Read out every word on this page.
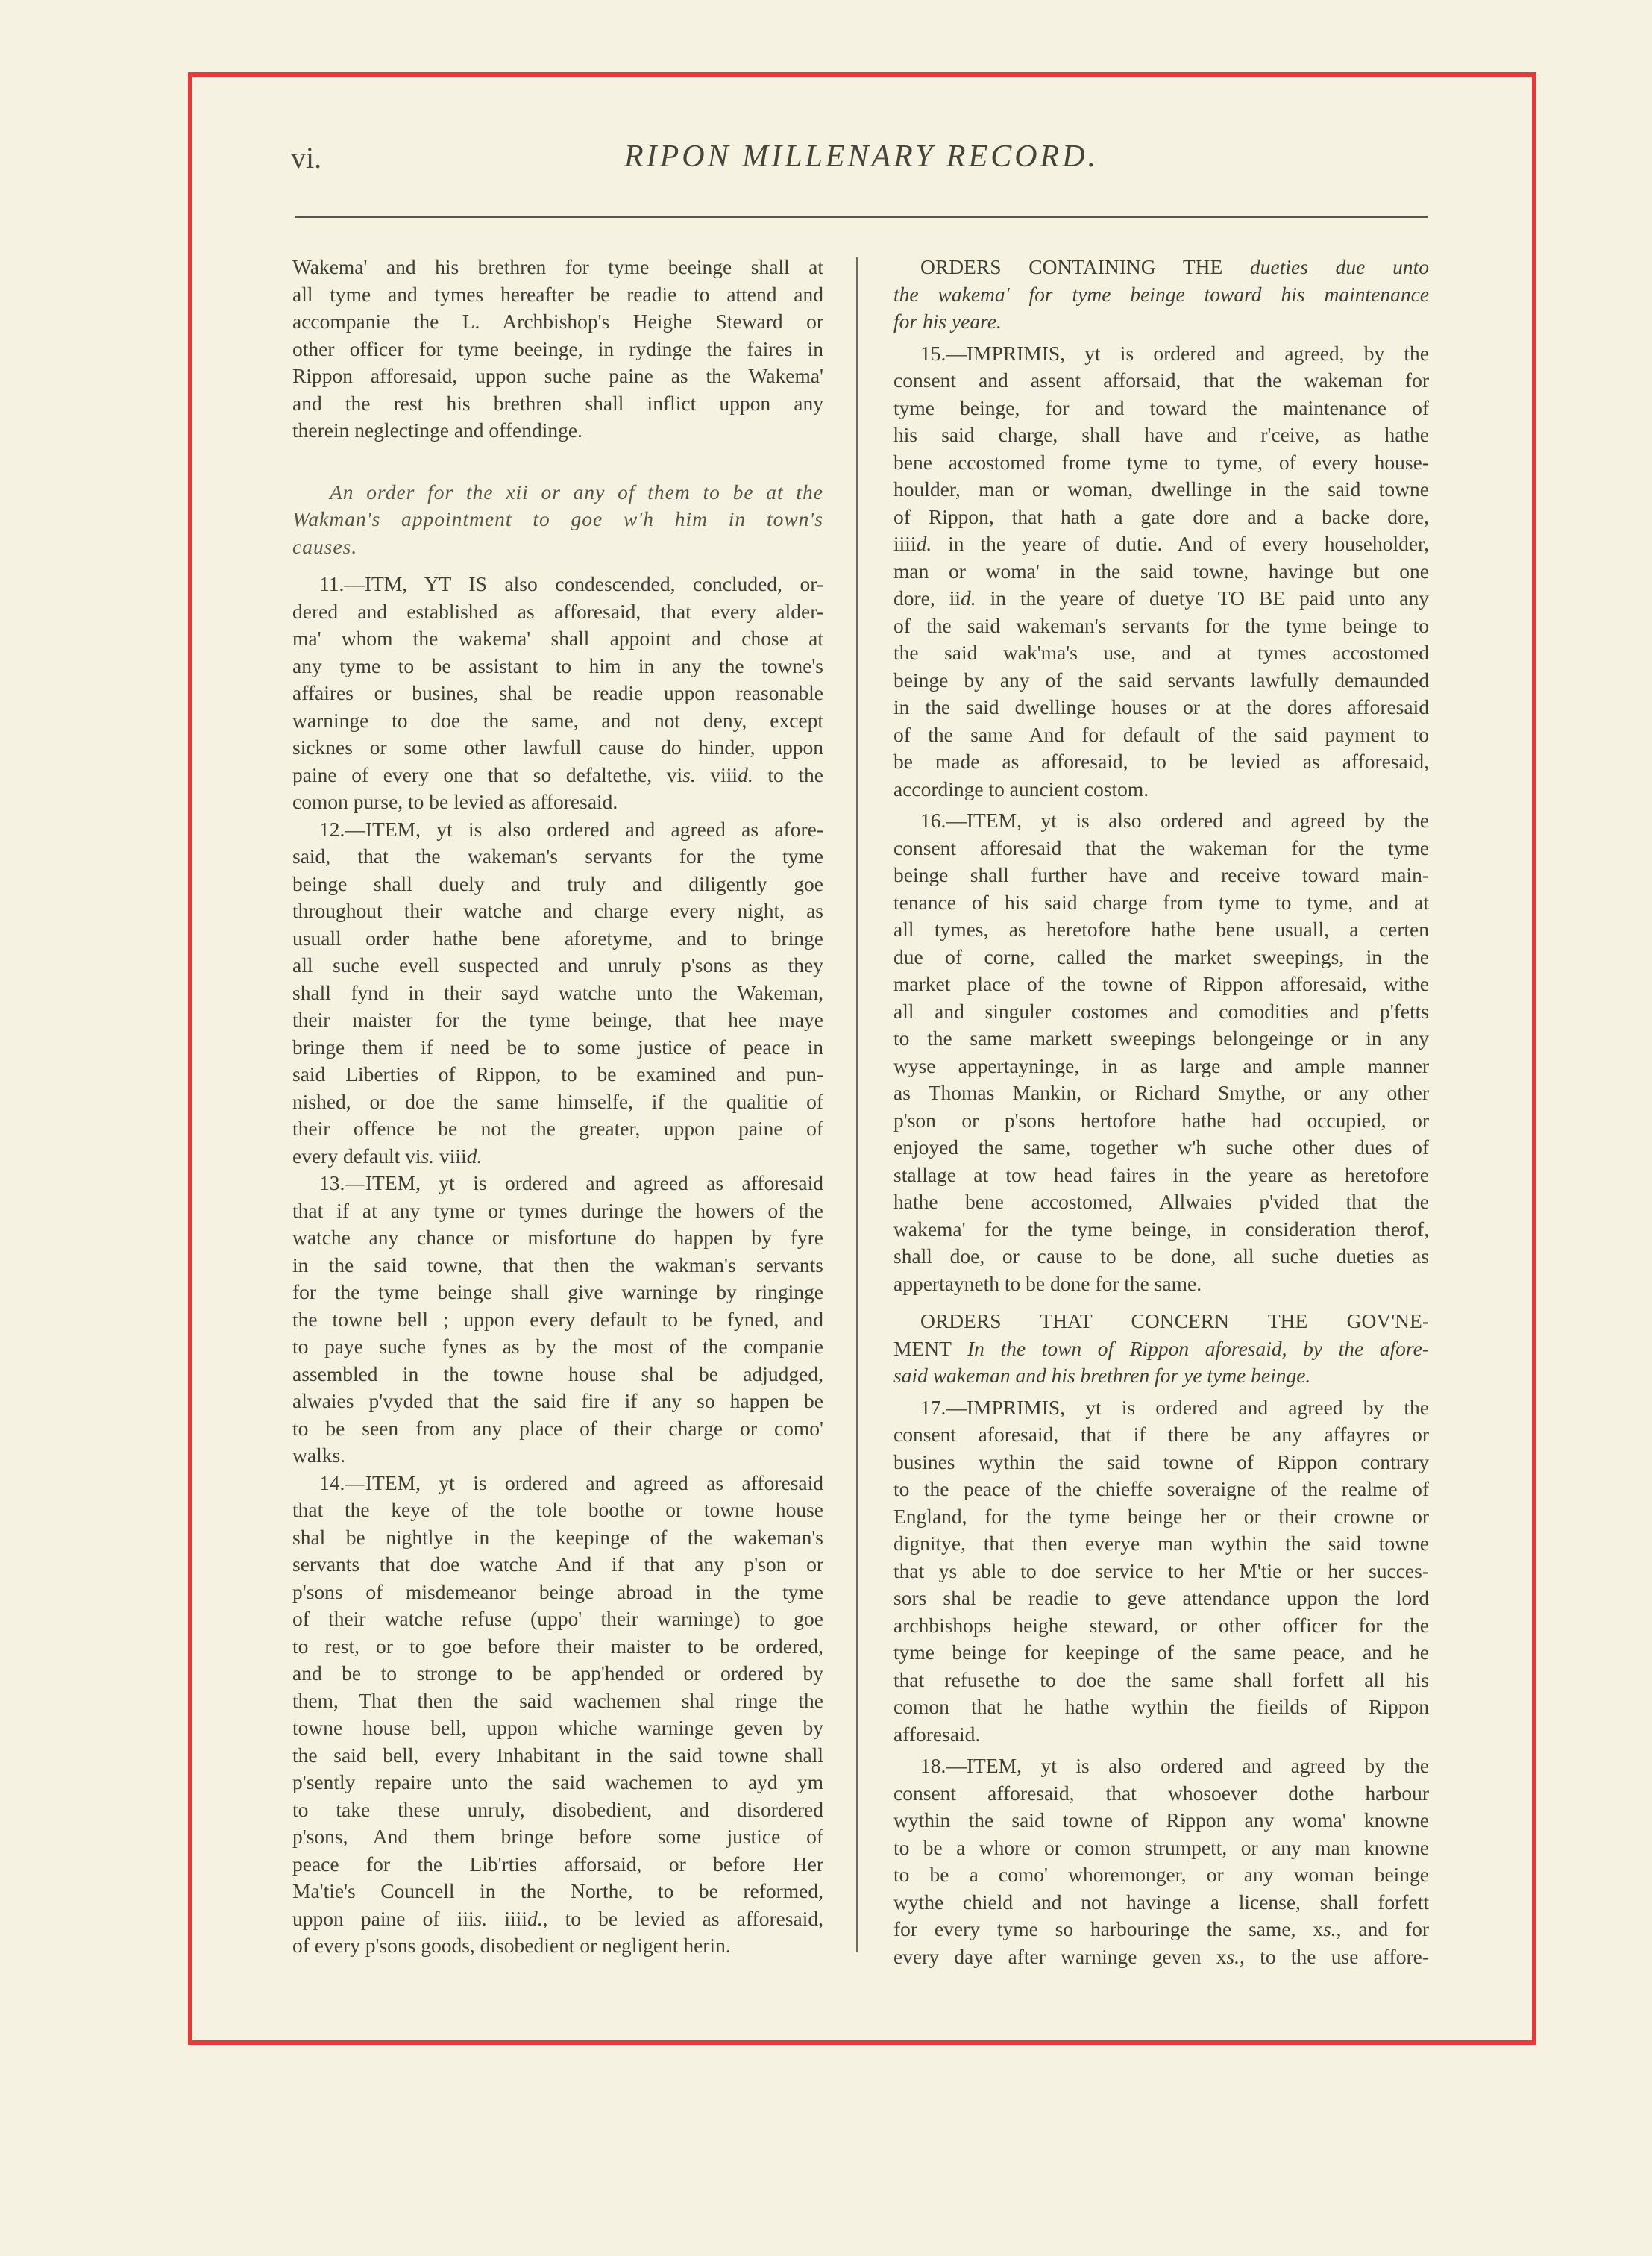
vi.	RIPON MILLENARY RECORD.
Wakema' and his brethren for tyme beeinge shall at
all tyme and tymes hereafter be readie to attend and
accompanie the L. Archbishop's Heighe Steward or
other officer for tyme beeinge, in rydinge the faires in
Rippon afforesaid, uppon suche paine as the Wakema'
and the rest his brethren shall inflict uppon any
therein neglectinge and offendinge.
An order for the xii or any of them to be at the
Wakman's appointment to goe w'h him in town's
causes.
11.—ITM, YT IS also condescended, concluded, or-
dered and established as afforesaid, that every alder-
ma' whom the wakema' shall appoint and chose at
any tyme to be assistant to him in any the towne's
affaires or busines, shal be readie uppon reasonable
warninge to doe the same, and not deny, except
sicknes or some other lawfull cause do hinder, uppon
paine of every one that so defaltethe, vis. viiid. to the
comon purse, to be levied as afforesaid.
12.—ITEM, yt is also ordered and agreed as afore-
said, that the wakeman's servants for the tyme
beinge shall duely and truly and diligently goe
throughout their watche and charge every night, as
usuall order hathe bene aforetyme, and to bringe
all suche evell suspected and unruly p'sons as they
shall fynd in their sayd watche unto the Wakeman,
their maister for the tyme beinge, that hee maye
bringe them if need be to some justice of peace in
said Liberties of Rippon, to be examined and pun-
nished, or doe the same himselfe, if the qualitie of
their offence be not the greater, uppon paine of
every default vis. viiid.
13.—ITEM, yt is ordered and agreed as afforesaid
that if at any tyme or tymes duringe the howers of the
watche any chance or misfortune do happen by fyre
in the said towne, that then the wakman's servants
for the tyme beinge shall give warninge by ringinge
the towne bell ; uppon every default to be fyned, and
to paye suche fynes as by the most of the companie
assembled in the towne house shal be adjudged,
alwaies p'vyded that the said fire if any so happen be
to be seen from any place of their charge or como'
walks.
14.—ITEM, yt is ordered and agreed as afforesaid
that the keye of the tole boothe or towne house
shal be nightlye in the keepinge of the wakeman's
servants that doe watche And if that any p'son or
p'sons of misdemeanor beinge abroad in the tyme
of their watche refuse (uppo' their warninge) to goe
to rest, or to goe before their maister to be ordered,
and be to stronge to be app'hended or ordered by
them, That then the said wachemen shal ringe the
towne house bell, uppon whiche warninge geven by
the said bell, every Inhabitant in the said towne shall
p'sently repaire unto the said wachemen to ayd ym
to take these unruly, disobedient, and disordered
p'sons, And them bringe before some justice of
peace for the Lib'rties afforsaid, or before Her
Ma'tie's Councell in the Northe, to be reformed,
uppon paine of iiis. iiiid., to be levied as afforesaid,
of every p'sons goods, disobedient or negligent herin.
ORDERS CONTAINING THE dueties due unto
the wakema' for tyme beinge toward his maintenance
for his yeare.
15.—IMPRIMIS, yt is ordered and agreed, by the
consent and assent afforsaid, that the wakeman for
tyme beinge, for and toward the maintenance of
his said charge, shall have and r'ceive, as hathe
bene accostomed frome tyme to tyme, of every house-
houlder, man or woman, dwellinge in the said towne
of Rippon, that hath a gate dore and a backe dore,
iiiid. in the yeare of dutie. And of every householder,
man or woma' in the said towne, havinge but one
dore, iid. in the yeare of duetye TO BE paid unto any
of the said wakeman's servants for the tyme beinge to
the said wak'ma's use, and at tymes accostomed
beinge by any of the said servants lawfully demaunded
in the said dwellinge houses or at the dores afforesaid
of the same And for default of the said payment to
be made as afforesaid, to be levied as afforesaid,
accordinge to auncient costom.
16.—ITEM, yt is also ordered and agreed by the
consent afforesaid that the wakeman for the tyme
beinge shall further have and receive toward main-
tenance of his said charge from tyme to tyme, and at
all tymes, as heretofore hathe bene usuall, a certen
due of corne, called the market sweepings, in the
market place of the towne of Rippon afforesaid, withe
all and singuler costomes and comodities and p'fetts
to the same markett sweepings belongeinge or in any
wyse appertayninge, in as large and ample manner
as Thomas Mankin, or Richard Smythe, or any other
p'son or p'sons hertofore hathe had occupied, or
enjoyed the same, together w'h suche other dues of
stallage at tow head faires in the yeare as heretofore
hathe bene accostomed, Allwaies p'vided that the
wakema' for the tyme beinge, in consideration therof,
shall doe, or cause to be done, all suche dueties as
appertayneth to be done for the same.
ORDERS THAT CONCERN THE GOV'NE-
MENT In the town of Rippon aforesaid, by the afore-
said wakeman and his brethren for ye tyme beinge.
17.—IMPRIMIS, yt is ordered and agreed by the
consent aforesaid, that if there be any affayres or
busines wythin the said towne of Rippon contrary
to the peace of the chieffe soveraigne of the realme of
England, for the tyme beinge her or their crowne or
dignitye, that then everye man wythin the said towne
that ys able to doe service to her M'tie or her succes-
sors shal be readie to geve attendance uppon the lord
archbishops heighe steward, or other officer for the
tyme beinge for keepinge of the same peace, and he
that refusethe to doe the same shall forfett all his
comon that he hathe wythin the fieilds of Rippon
afforesaid.
18.—ITEM, yt is also ordered and agreed by the
consent afforesaid, that whosoever dothe harbour
wythin the said towne of Rippon any woma' knowne
to be a whore or comon strumpett, or any man knowne
to be a como' whoremonger, or any woman beinge
wythe chield and not havinge a license, shall forfett
for every tyme so harbouringe the same, xs., and for
every daye after warninge geven xs., to the use affore-
